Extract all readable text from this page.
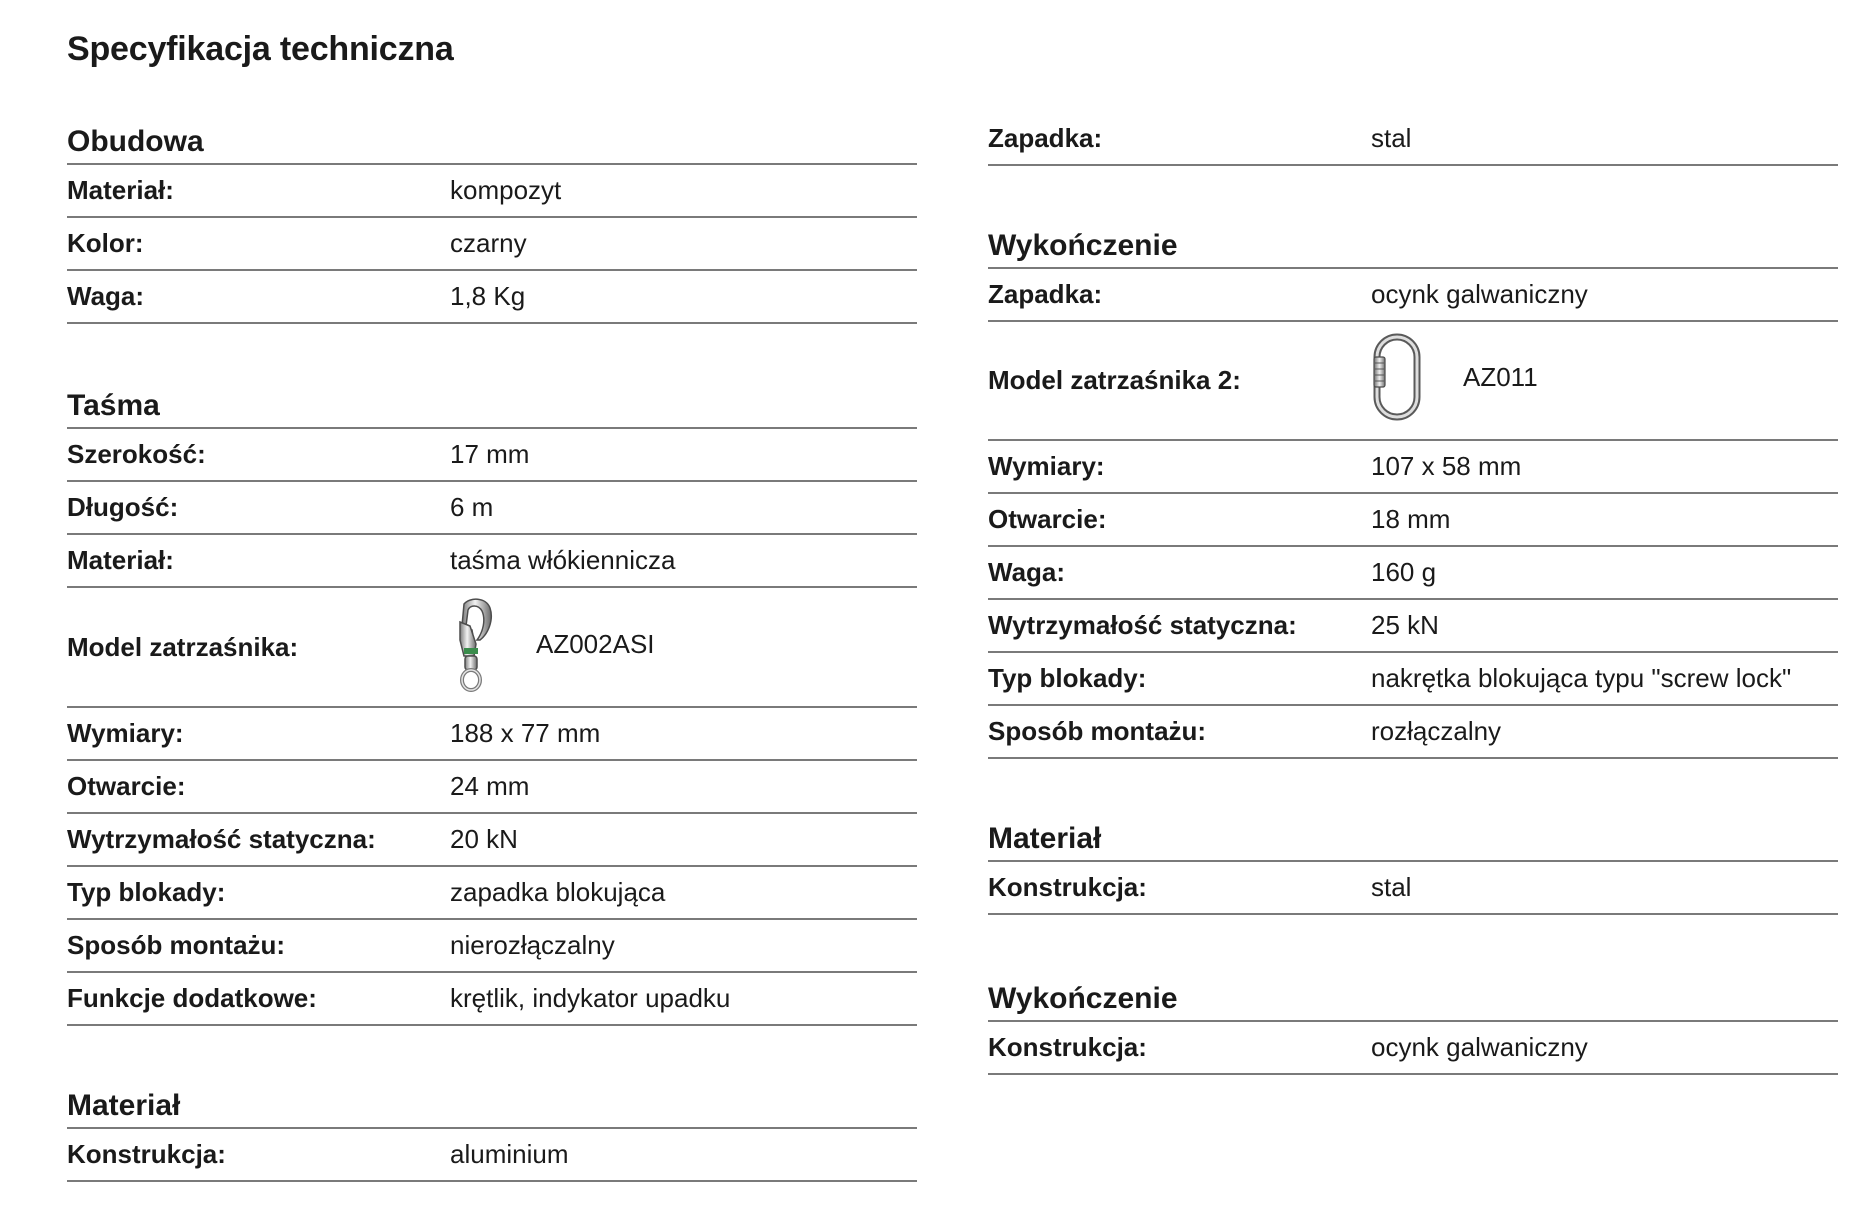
Specyfikacja techniczna
Obudowa
Materiał:	kompozyt
Kolor:	czarny
Waga:	1,8 Kg
Taśma
Szerokość:	17 mm
Długość:	6 m
Materiał:	taśma włókiennicza
Model zatrzaśnika:	AZ002ASI
Wymiary:	188 x 77 mm
Otwarcie:	24 mm
Wytrzymałość statyczna:	20 kN
Typ blokady:	zapadka blokująca
Sposób montażu:	nierozłączalny
Funkcje dodatkowe:	krętlik, indykator upadku
Materiał
Konstrukcja:	aluminium
Zapadka:	stal
Wykończenie
Zapadka:	ocynk galwaniczny
Model zatrzaśnika 2:	AZ011
Wymiary:	107 x 58 mm
Otwarcie:	18 mm
Waga:	160 g
Wytrzymałość statyczna:	25 kN
Typ blokady:	nakrętka blokująca typu "screw lock"
Sposób montażu:	rozłączalny
Materiał
Konstrukcja:	stal
Wykończenie
Konstrukcja:	ocynk galwaniczny
